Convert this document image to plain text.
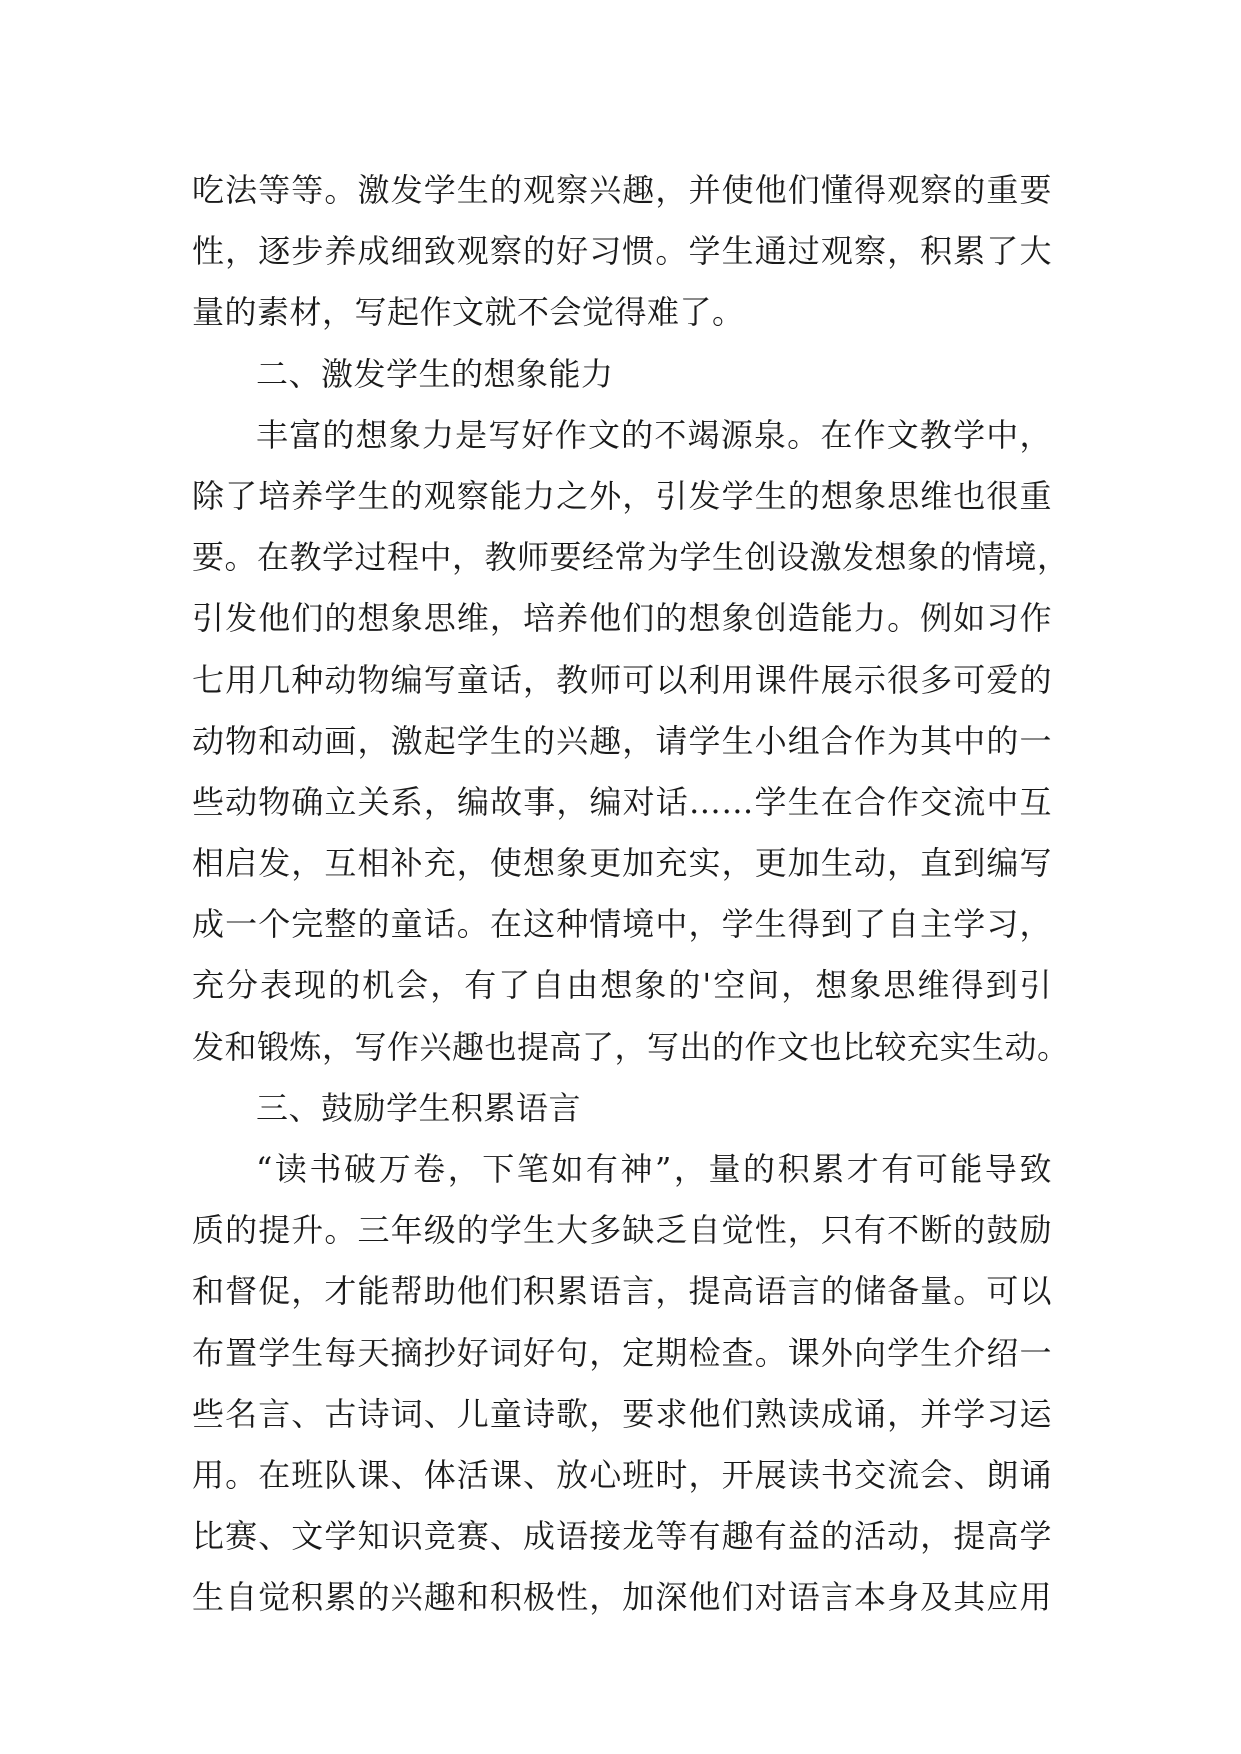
吃法等等。激发学生的观察兴趣，并使他们懂得观察的重要
性，逐步养成细致观察的好习惯。学生通过观察，积累了大
量的素材，写起作文就不会觉得难了。
二、激发学生的想象能力
丰富的想象力是写好作文的不竭源泉。在作文教学中，
除了培养学生的观察能力之外，引发学生的想象思维也很重
要。在教学过程中，教师要经常为学生创设激发想象的情境，
引发他们的想象思维，培养他们的想象创造能力。例如习作
七用几种动物编写童话，教师可以利用课件展示很多可爱的
动物和动画，激起学生的兴趣，请学生小组合作为其中的一
些动物确立关系，编故事，编对话……学生在合作交流中互
相启发，互相补充，使想象更加充实，更加生动，直到编写
成一个完整的童话。在这种情境中，学生得到了自主学习，
充分表现的机会，有了自由想象的'空间，想象思维得到引
发和锻炼，写作兴趣也提高了，写出的作文也比较充实生动。
三、鼓励学生积累语言
“读书破万卷，下笔如有神”，量的积累才有可能导致
质的提升。三年级的学生大多缺乏自觉性，只有不断的鼓励
和督促，才能帮助他们积累语言，提高语言的储备量。可以
布置学生每天摘抄好词好句，定期检查。课外向学生介绍一
些名言、古诗词、儿童诗歌，要求他们熟读成诵，并学习运
用。在班队课、体活课、放心班时，开展读书交流会、朗诵
比赛、文学知识竞赛、成语接龙等有趣有益的活动，提高学
生自觉积累的兴趣和积极性，加深他们对语言本身及其应用
